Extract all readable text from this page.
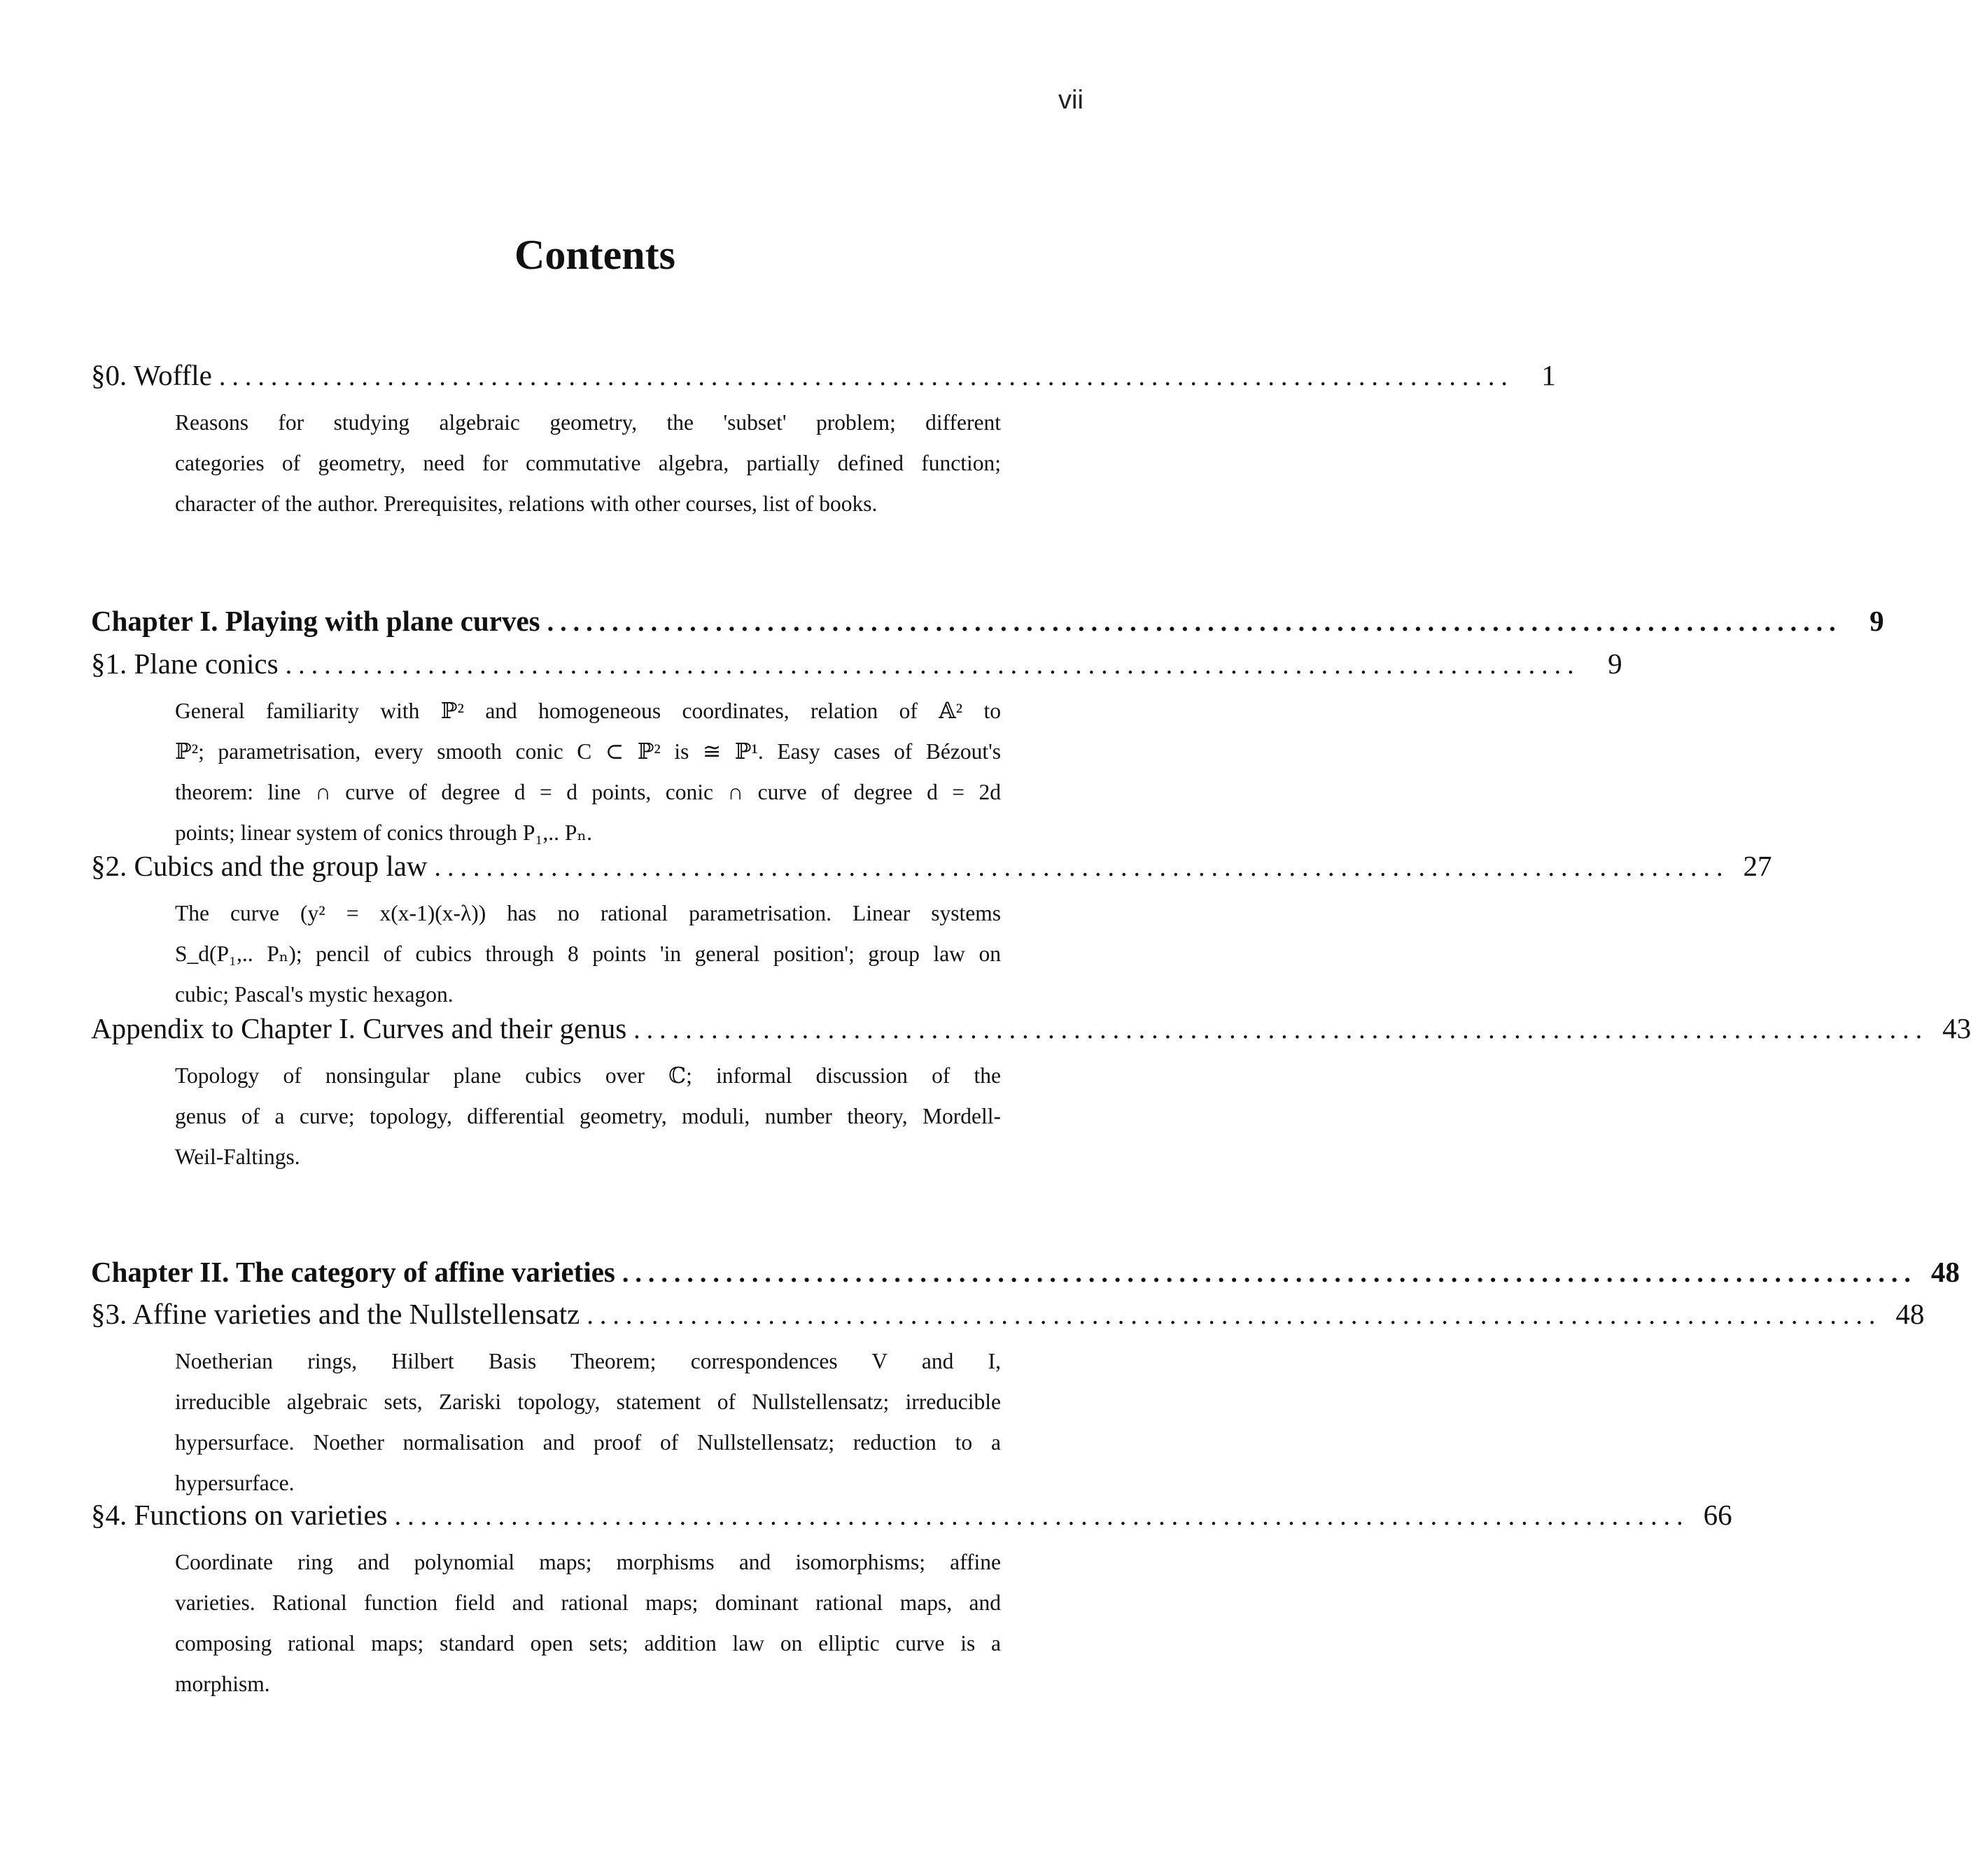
vii
Contents
§0. Woffle .................................................................................................... 1
Reasons for studying algebraic geometry, the 'subset' problem; different
categories of geometry, need for commutative algebra, partially defined function;
character of the author. Prerequisites, relations with other courses, list of books.
Chapter I. Playing with plane curves .................................................................................................... 9
§1. Plane conics .................................................................................................... 9
General familiarity with ℙ² and homogeneous coordinates, relation of 𝔸² to
ℙ²; parametrisation, every smooth conic C ⊂ ℙ² is ≅ ℙ¹. Easy cases of Bézout's
theorem: line ∩ curve of degree d = d points, conic ∩ curve of degree d = 2d
points; linear system of conics through P₁,.. Pₙ.
§2. Cubics and the group law .................................................................................................... 27
The curve (y² = x(x-1)(x-λ)) has no rational parametrisation. Linear systems
S_d(P₁,.. Pₙ); pencil of cubics through 8 points 'in general position'; group law on
cubic; Pascal's mystic hexagon.
Appendix to Chapter I. Curves and their genus .................................................................................................... 43
Topology of nonsingular plane cubics over ℂ; informal discussion of the
genus of a curve; topology, differential geometry, moduli, number theory, Mordell-
Weil-Faltings.
Chapter II. The category of affine varieties .................................................................................................... 48
§3. Affine varieties and the Nullstellensatz .................................................................................................... 48
Noetherian rings, Hilbert Basis Theorem; correspondences V and I,
irreducible algebraic sets, Zariski topology, statement of Nullstellensatz; irreducible
hypersurface. Noether normalisation and proof of Nullstellensatz; reduction to a
hypersurface.
§4. Functions on varieties .................................................................................................... 66
Coordinate ring and polynomial maps; morphisms and isomorphisms; affine
varieties. Rational function field and rational maps; dominant rational maps, and
composing rational maps; standard open sets; addition law on elliptic curve is a
morphism.
